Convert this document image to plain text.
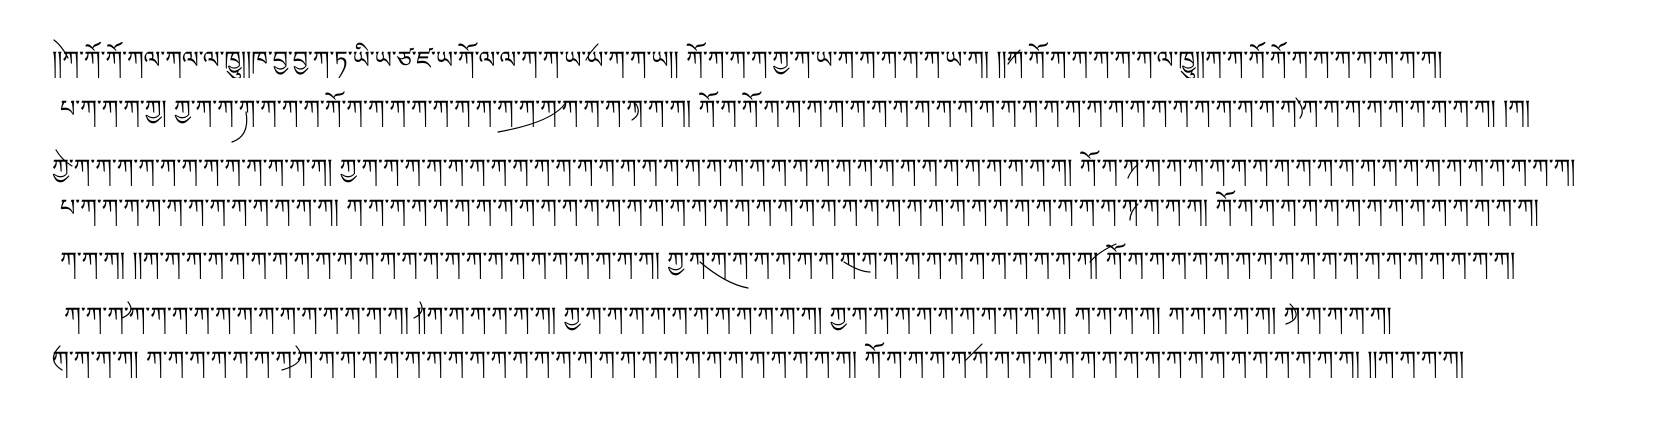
།།ཀ་ཀོ་ཀོ་ཀལ་ཀལ་ལ་ཁྱུ།།ཁ་བྱ་བྱ་ཀ་ཏ་ཡི་ཡ་ཙ་ཛ་ཡ་ཀོ་ལ་ལ་ཀ་ཀ་ཡ་ཡ་ཀ་ཀ་ཡ།། ཀོ་ཀ་ཀ་ཀ་ཀྱ་ཀ་ཡ་ཀ་ཀ་ཀ་ཀ་ཀ་ཡ་ཀ། །།ཀ་ཀོ་ཀ་ཀ་ཀ་ཀ་ཀ་ལ་ཁྱུ།།ཀ་ཀ་ཀོ་ཀོ་ཀ་ཀ་ཀ་ཀ་ཀ་ཀ་ཀ།
པ་ཀ་ཀ་ཀ་ཀྱ། ཀྱ་ཀ་ཀ་ཀ་ཀ་ཀ་ཀ་ཀོ་ཀ་ཀ་ཀ་ཀ་ཀ་ཀ་ཀ་ཀ་ཀ་ཀ་ཀ་ཀ་ཀ་ཀ་ཀ་ཀ། ཀོ་ཀ་ཀོ་ཀ་ཀ་ཀ་ཀ་ཀ་ཀ་ཀ་ཀ་ཀ་ཀ་ཀ་ཀ་ཀ་ཀ་ཀ་ཀ་ཀ་ཀ་ཀ་ཀ་ཀ་ཀ་ཀ་ཀ་ཀ་ཀ་ཀ་ཀ་ཀ་ཀ་ཀ་ཀ་ཀ་ཀ། །ཀ།
ཀྱ་ཀ་ཀ་ཀ་ཀ་ཀ་ཀ་ཀ་ཀ་ཀ་ཀ་ཀ་ཀ། ཀྱ་ཀ་ཀ་ཀ་ཀ་ཀ་ཀ་ཀ་ཀ་ཀ་ཀ་ཀ་ཀ་ཀ་ཀ་ཀ་ཀ་ཀ་ཀ་ཀ་ཀ་ཀ་ཀ་ཀ་ཀ་ཀ་ཀ་ཀ་ཀ་ཀ་ཀ་ཀ་ཀ་ཀ། ཀོ་ཀ་ཀ་ཀ་ཀ་ཀ་ཀ་ཀ་ཀ་ཀ་ཀ་ཀ་ཀ་ཀ་ཀ་ཀ་ཀ་ཀ་ཀ་ཀ་ཀ་ཀ་ཀ།
པ་ཀ་ཀ་ཀ་ཀ་ཀ་ཀ་ཀ་ཀ་ཀ་ཀ་ཀ་ཀ། ཀ་ཀ་ཀ་ཀ་ཀ་ཀ་ཀ་ཀ་ཀ་ཀ་ཀ་ཀ་ཀ་ཀ་ཀ་ཀ་ཀ་ཀ་ཀ་ཀ་ཀ་ཀ་ཀ་ཀ་ཀ་ཀ་ཀ་ཀ་ཀ་ཀ་ཀ་ཀ་ཀ་ཀ་ཀ་ཀ་ཀ་ཀ་ཀ་ཀ། ཀོ་ཀ་ཀ་ཀ་ཀ་ཀ་ཀ་ཀ་ཀ་ཀ་ཀ་ཀ་ཀ་ཀ་ཀ།
ཀ་ཀ་ཀ། །།ཀ་ཀ་ཀ་ཀ་ཀ་ཀ་ཀ་ཀ་ཀ་ཀ་ཀ་ཀ་ཀ་ཀ་ཀ་ཀ་ཀ་ཀ་ཀ་ཀ་ཀ་ཀ་ཀ་ཀ། ཀྱ་ཀ་ཀ་ཀ་ཀ་ཀ་ཀ་ཀ་ཀ་ཀ་ཀ་ཀ་ཀ་ཀ་ཀ་ཀ་ཀ་ཀ་ཀ་ཀ། ཀོ་ཀ་ཀ་ཀ་ཀ་ཀ་ཀ་ཀ་ཀ་ཀ་ཀ་ཀ་ཀ་ཀ་ཀ་ཀ་ཀ་ཀ་ཀ།
ཀ་ཀ་ཀ་ཀ་ཀ་ཀ་ཀ་ཀ་ཀ་ཀ་ཀ་ཀ་ཀ་ཀ་ཀ་ཀ། །།ཀ་ཀ་ཀ་ཀ་ཀ་ཀ། ཀྱ་ཀ་ཀ་ཀ་ཀ་ཀ་ཀ་ཀ་ཀ་ཀ་ཀ་ཀ། ཀྱ་ཀ་ཀ་ཀ་ཀ་ཀ་ཀ་ཀ་ཀ་ཀ་ཀ། ཀ་ཀ་ཀ་ཀ། ཀ་ཀ་ཀ་ཀ་ཀ། ཀ་ཀ་ཀ་ཀ་ཀ།
ཀ་ཀ་ཀ་ཀ། ཀ་ཀ་ཀ་ཀ་ཀ་ཀ་ཀ་ཀ་ཀ་ཀ་ཀ་ཀ་ཀ་ཀ་ཀ་ཀ་ཀ་ཀ་ཀ་ཀ་ཀ་ཀ་ཀ་ཀ་ཀ་ཀ་ཀ་ཀ་ཀ་ཀ་ཀ་ཀ་ཀ། ཀོ་ཀ་ཀ་ཀ་ཀ་ཀ་ཀ་ཀ་ཀ་ཀ་ཀ་ཀ་ཀ་ཀ་ཀ་ཀ་ཀ་ཀ་ཀ་ཀ་ཀ་ཀ་ཀ། །།ཀ་ཀ་ཀ་ཀ།
